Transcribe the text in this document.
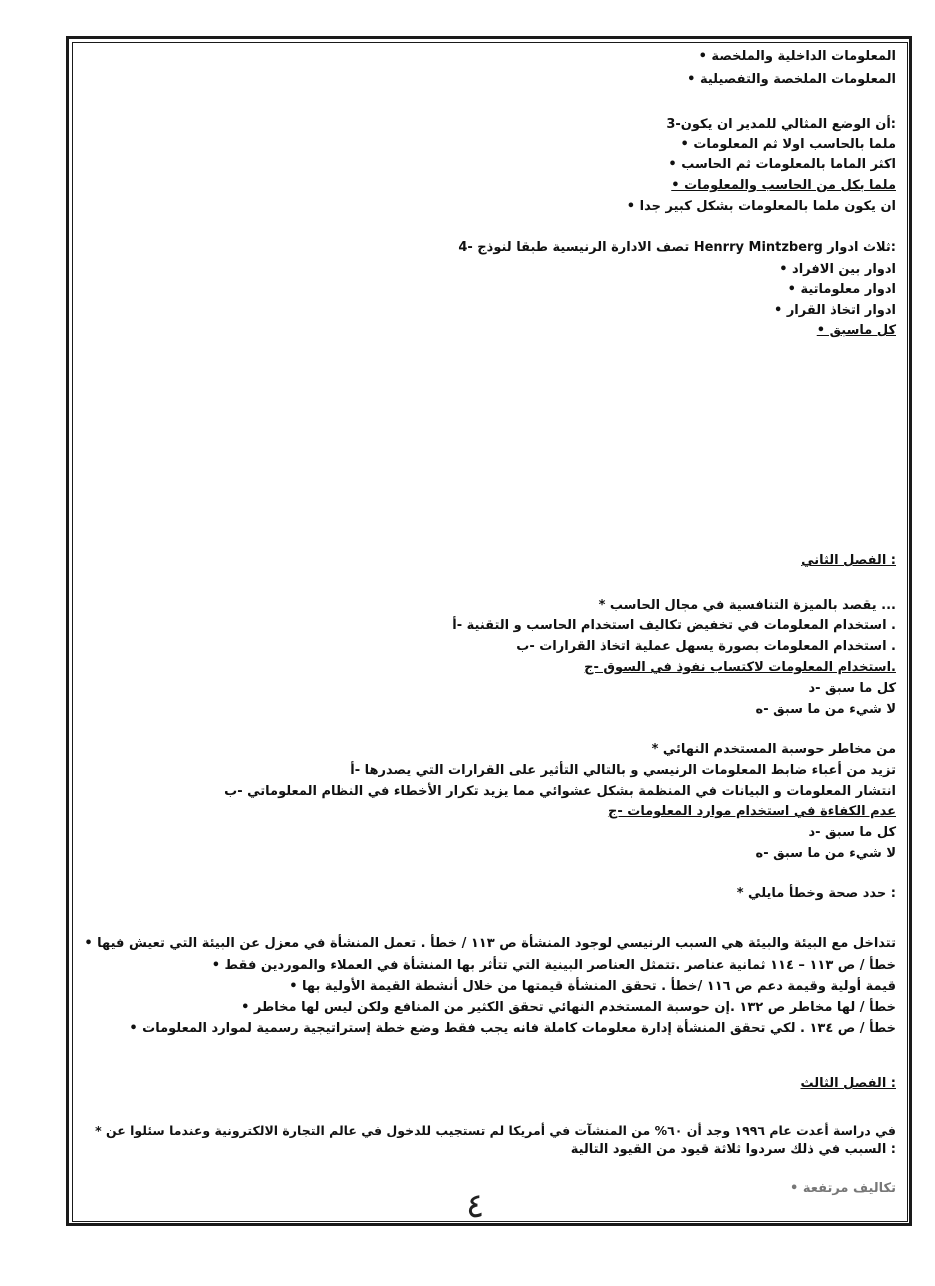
المعلومات الداخلية والملخصة •
المعلومات الملخصة والتفصيلية •
:أن الوضع المثالي للمدير ان يكون-3
ملما بالحاسب اولا ثم المعلومات •
اكثر الماما بالمعلومات ثم الحاسب •
ملما بكل من الحاسب والمعلومات •
ان يكون ملما بالمعلومات بشكل كبير جدا •
:ثلاث ادوار Henrry Mintzberg تصف الادارة الرنيسية طبقا لنوذج -4
ادوار بين الافراد •
ادوار معلوماتية •
ادوار اتخاذ القرار •
كل ماسبق •
: الفصل الثاني
... يقصد بالميزة التنافسية في مجال الحاسب *
. استخدام المعلومات في تخفيض تكاليف استخدام الحاسب و التقنية -أ
. استخدام المعلومات بصورة يسهل عملية اتخاذ القرارات -ب
.استخدام المعلومات لاكتساب نفوذ في السوق -ج
كل ما سبق -د
لا شيء من ما سبق -ه
من مخاطر حوسبة المستخدم النهائي *
تزيد من أعباء ضابط المعلومات الرنيسي و بالتالي التأثير على القرارات التي يصدرها -أ
انتشار المعلومات و البيانات في المنظمة بشكل عشوائي مما يزيد تكرار الأخطاء في النظام المعلوماتي -ب
عدم الكفاءة في استخدام موارد المعلومات -ج
كل ما سبق -د
لا شيء من ما سبق -ه
: حدد صحة وخطأ مايلي *
تتداخل مع البيئة والبيئة هي السبب الرنيسي لوجود المنشأة ص ١١٣ / خطأ . تعمل المنشأة في معزل عن البيئة التي تعيش فيها •
خطأ / ص ١١٣ – ١١٤ ثمانية عناصر .تتمثل العناصر البينية التي تتأثر بها المنشأة في العملاء والموردين فقط •
قيمة أولية وقيمة دعم ص ١١٦ /خطأ . تحقق المنشأة قيمتها من خلال أنشطة القيمة الأولية بها •
خطأ / لها مخاطر ص ١٣٢ .إن حوسبة المستخدم النهائي تحقق الكثير من المنافع ولكن ليس لها مخاطر •
خطأ / ص ١٣٤ . لكي تحقق المنشأة إدارة معلومات كاملة فانه يجب فقط وضع خطة إستراتيجية رسمية لموارد المعلومات •
: الفصل الثالث
في دراسة أعدت عام ١٩٩٦ وجد أن ٦٠% من المنشآت في أمريكا لم تستجيب للدخول في عالم التجارة الالكترونية وعندما سئلوا عن *
: السبب في ذلك سردوا ثلاثة قيود من القيود التالية
تكاليف مرتفعة •
٤
